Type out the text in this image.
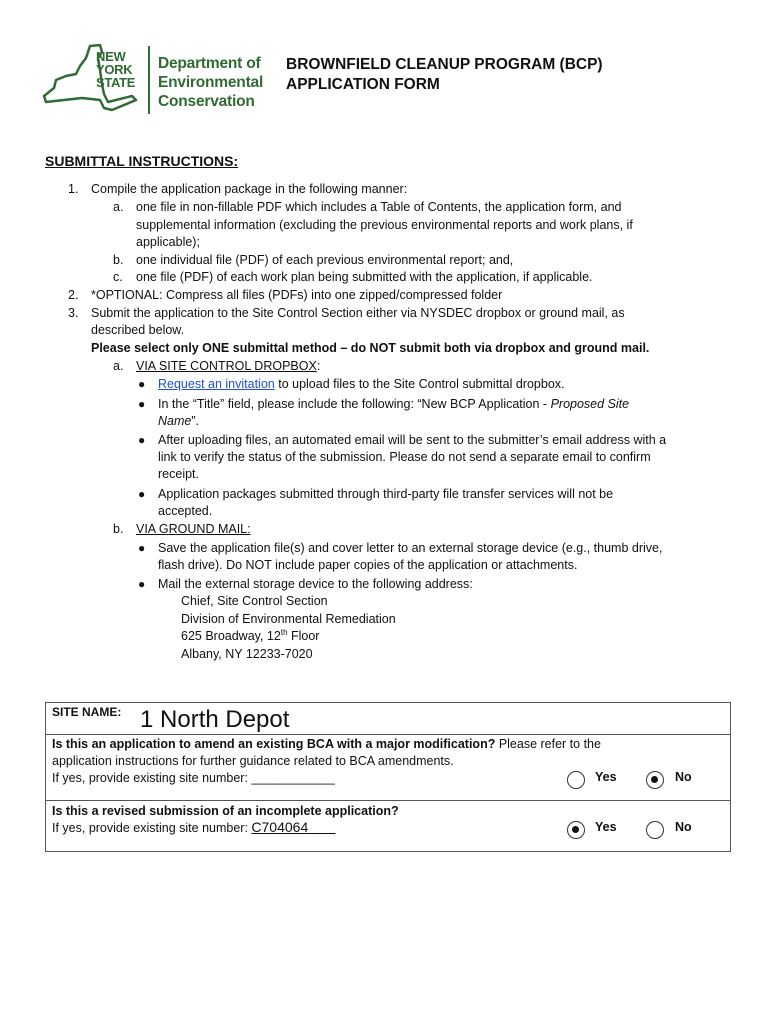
NEW
YORK
STATE
Department of
Environmental
Conservation
BROWNFIELD CLEANUP PROGRAM (BCP)
APPLICATION FORM
SUBMITTAL INSTRUCTIONS:
1. Compile the application package in the following manner:
a. one file in non-fillable PDF which includes a Table of Contents, the application form, and
supplemental information (excluding the previous environmental reports and work plans, if
applicable);
b. one individual file (PDF) of each previous environmental report; and,
c. one file (PDF) of each work plan being submitted with the application, if applicable.
2. *OPTIONAL: Compress all files (PDFs) into one zipped/compressed folder
3. Submit the application to the Site Control Section either via NYSDEC dropbox or ground mail, as
described below.
Please select only ONE submittal method – do NOT submit both via dropbox and ground mail.
a. VIA SITE CONTROL DROPBOX:
● Request an invitation to upload files to the Site Control submittal dropbox.
● In the “Title” field, please include the following: “New BCP Application - Proposed Site
Name”.
● After uploading files, an automated email will be sent to the submitter’s email address with a
link to verify the status of the submission. Please do not send a separate email to confirm
receipt.
● Application packages submitted through third-party file transfer services will not be
accepted.
b. VIA GROUND MAIL:
● Save the application file(s) and cover letter to an external storage device (e.g., thumb drive,
flash drive). Do NOT include paper copies of the application or attachments.
● Mail the external storage device to the following address:
Chief, Site Control Section
Division of Environmental Remediation
625 Broadway, 12th Floor
Albany, NY 12233-7020
SITE NAME: 1 North Depot
Is this an application to amend an existing BCA with a major modification? Please refer to the
application instructions for further guidance related to BCA amendments.
If yes, provide existing site number: ____________	Yes	No
Is this a revised submission of an incomplete application?
If yes, provide existing site number: C704064	Yes	No
